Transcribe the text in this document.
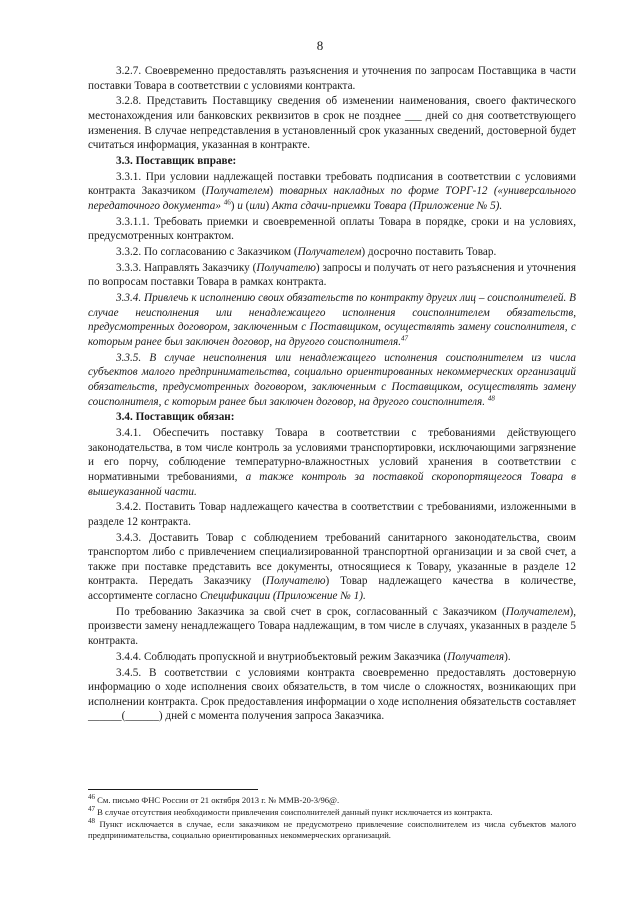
8

3.2.7. Своевременно предоставлять разъяснения и уточнения по запросам Поставщика в части поставки Товара в соответствии с условиями контракта.

3.2.8. Представить Поставщику сведения об изменении наименования, своего фактического местонахождения или банковских реквизитов в срок не позднее ___ дней со дня соответствующего изменения. В случае непредставления в установленный срок указанных сведений, достоверной будет считаться информация, указанная в контракте.

3.3. Поставщик вправе:

3.3.1. При условии надлежащей поставки требовать подписания в соответствии с условиями контракта Заказчиком (Получателем) товарных накладных по форме ТОРГ-12 («универсального передаточного документа» $^{46}$) и (или) Акта сдачи-приемки Товара (Приложение № 5).

3.3.1.1. Требовать приемки и своевременной оплаты Товара в порядке, сроки и на условиях, предусмотренных контрактом.

3.3.2. По согласованию с Заказчиком (Получателем) досрочно поставить Товар.

3.3.3. Направлять Заказчику (Получателю) запросы и получать от него разъяснения и уточнения по вопросам поставки Товара в рамках контракта.

3.3.4. Привлечь к исполнению своих обязательств по контракту других лиц – соисполнителей. В случае неисполнения или ненадлежащего исполнения соисполнителем обязательств, предусмотренных договором, заключенным с Поставщиком, осуществлять замену соисполнителя, с которым ранее был заключен договор, на другого соисполнителя.$^{47}$

3.3.5. В случае неисполнения или ненадлежащего исполнения соисполнителем из числа субъектов малого предпринимательства, социально ориентированных некоммерческих организаций обязательств, предусмотренных договором, заключенным с Поставщиком, осуществлять замену соисполнителя, с которым ранее был заключен договор, на другого соисполнителя. $^{48}$

3.4. Поставщик обязан:

3.4.1. Обеспечить поставку Товара в соответствии с требованиями действующего законодательства, в том числе контроль за условиями транспортировки, исключающими загрязнение и его порчу, соблюдение температурно-влажностных условий хранения в соответствии с нормативными требованиями, а также контроль за поставкой скоропортящегося Товара в вышеуказанной части.

3.4.2. Поставить Товар надлежащего качества в соответствии с требованиями, изложенными в разделе 12 контракта.

3.4.3. Доставить Товар с соблюдением требований санитарного законодательства, своим транспортом либо с привлечением специализированной транспортной организации и за свой счет, а также при поставке представить все документы, относящиеся к Товару, указанные в разделе 12 контракта. Передать Заказчику (Получателю) Товар надлежащего качества в количестве, ассортименте согласно Спецификации (Приложение № 1).

По требованию Заказчика за свой счет в срок, согласованный с Заказчиком (Получателем), произвести замену ненадлежащего Товара надлежащим, в том числе в случаях, указанных в разделе 5 контракта.

3.4.4. Соблюдать пропускной и внутриобъектовый режим Заказчика (Получателя).

3.4.5. В соответствии с условиями контракта своевременно предоставлять достоверную информацию о ходе исполнения своих обязательств, в том числе о сложностях, возникающих при исполнении контракта. Срок предоставления информации о ходе исполнения обязательств составляет ______(______) дней с момента получения запроса Заказчика.

$^{46}$ См. письмо ФНС России от 21 октября 2013 г. № ММВ-20-3/96@.

$^{47}$ В случае отсутствия необходимости привлечения соисполнителей данный пункт исключается из контракта.

$^{48}$ Пункт исключается в случае, если заказчиком не предусмотрено привлечение соисполнителем из числа субъектов малого предпринимательства, социально ориентированных некоммерческих организаций.
